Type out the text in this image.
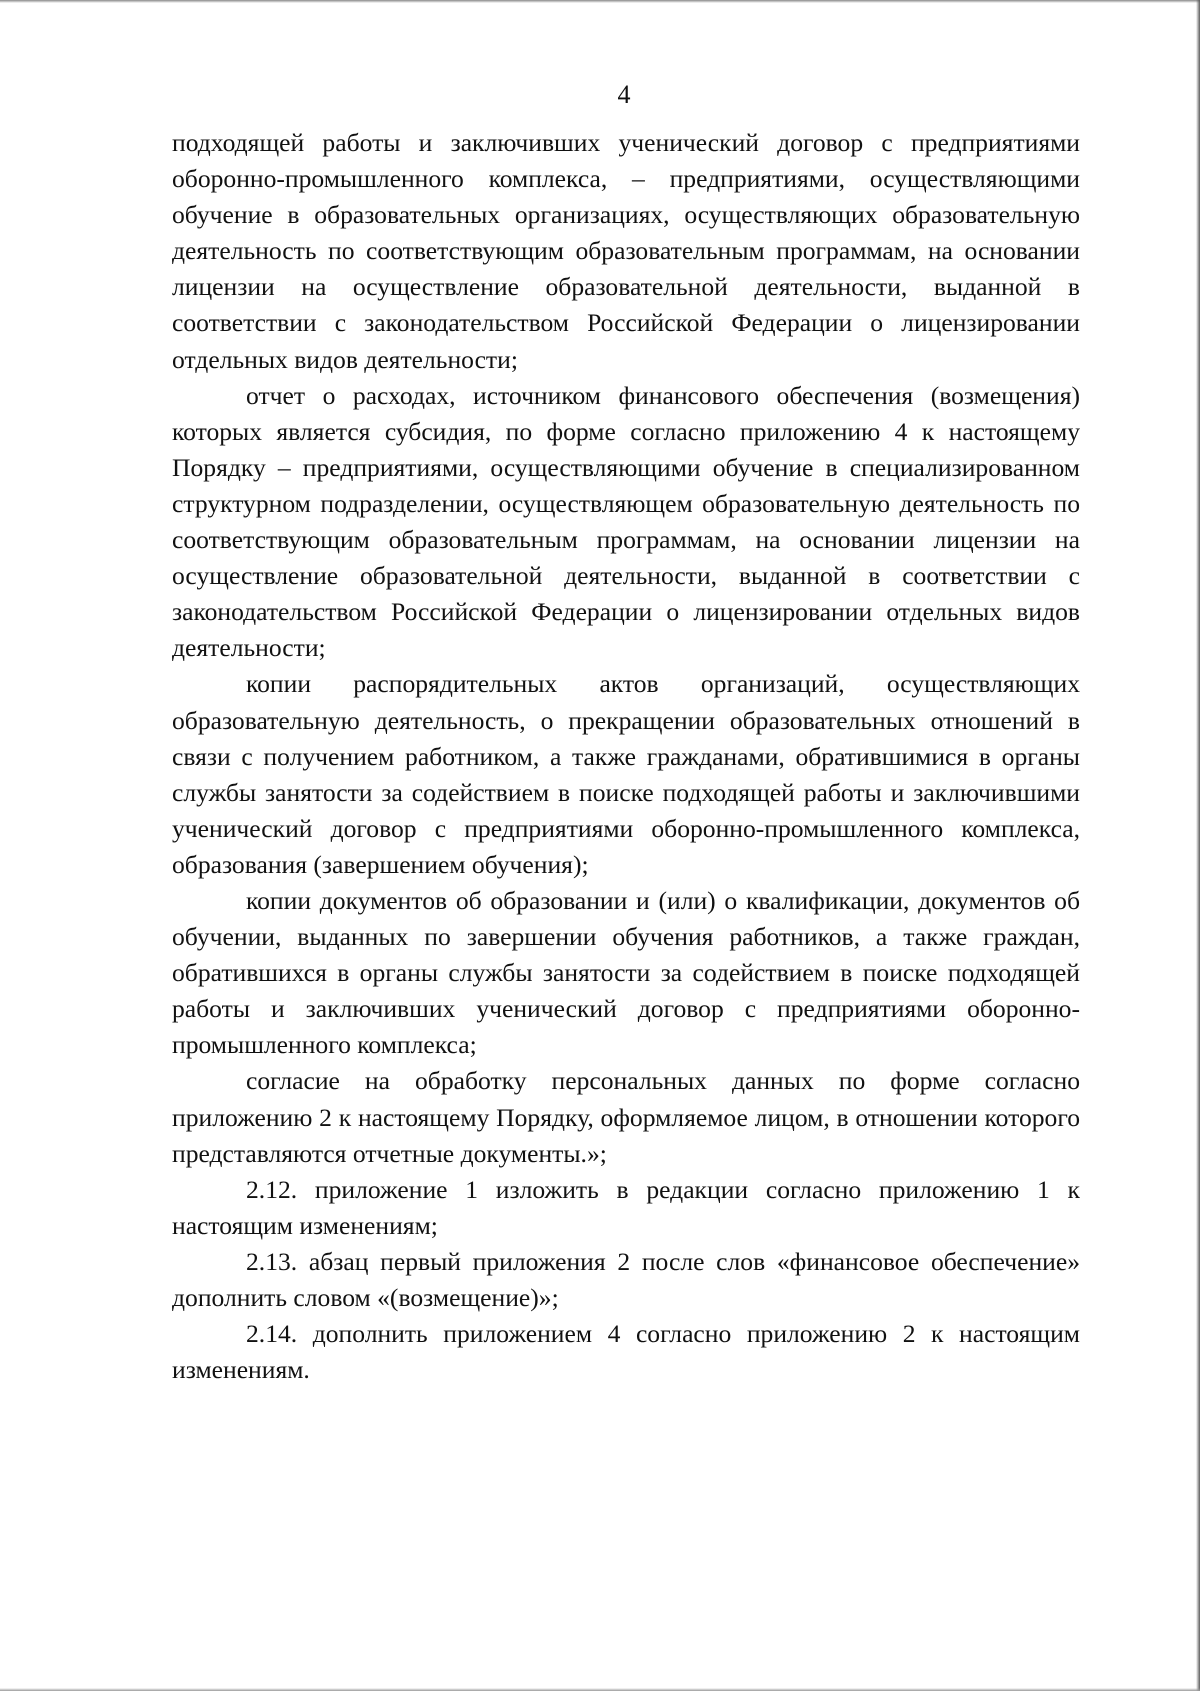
4

подходящей работы и заключивших ученический договор с предприятиями оборонно-промышленного комплекса, – предприятиями, осуществляющими обучение в образовательных организациях, осуществляющих образовательную деятельность по соответствующим образовательным программам, на основании лицензии на осуществление образовательной деятельности, выданной в соответствии с законодательством Российской Федерации о лицензировании отдельных видов деятельности;

отчет о расходах, источником финансового обеспечения (возмещения) которых является субсидия, по форме согласно приложению 4 к настоящему Порядку – предприятиями, осуществляющими обучение в специализированном структурном подразделении, осуществляющем образовательную деятельность по соответствующим образовательным программам, на основании лицензии на осуществление образовательной деятельности, выданной в соответствии с законодательством Российской Федерации о лицензировании отдельных видов деятельности;

копии распорядительных актов организаций, осуществляющих образовательную деятельность, о прекращении образовательных отношений в связи с получением работником, а также гражданами, обратившимися в органы службы занятости за содействием в поиске подходящей работы и заключившими ученический договор с предприятиями оборонно-промышленного комплекса, образования (завершением обучения);

копии документов об образовании и (или) о квалификации, документов об обучении, выданных по завершении обучения работников, а также граждан, обратившихся в органы службы занятости за содействием в поиске подходящей работы и заключивших ученический договор с предприятиями оборонно-промышленного комплекса;

согласие на обработку персональных данных по форме согласно приложению 2 к настоящему Порядку, оформляемое лицом, в отношении которого представляются отчетные документы.»;

2.12. приложение 1 изложить в редакции согласно приложению 1 к настоящим изменениям;

2.13. абзац первый приложения 2 после слов «финансовое обеспечение» дополнить словом «(возмещение)»;

2.14. дополнить приложением 4 согласно приложению 2 к настоящим изменениям.
